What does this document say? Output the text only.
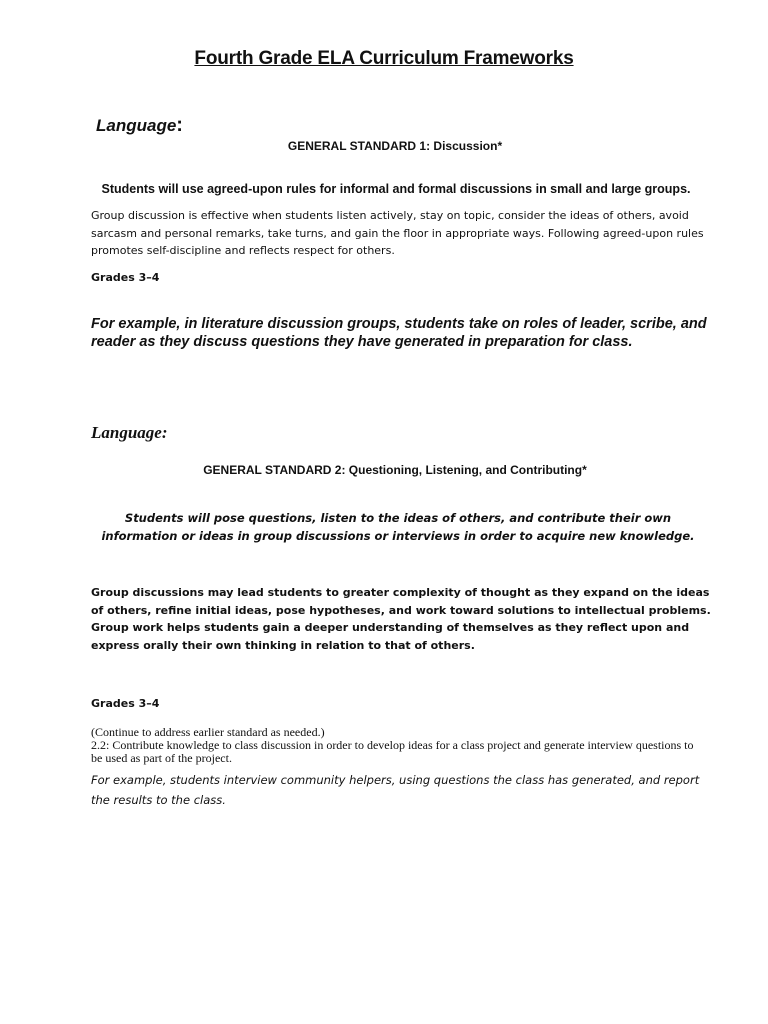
Fourth Grade ELA Curriculum Frameworks
Language:
GENERAL STANDARD 1: Discussion*
Students will use agreed-upon rules for informal and formal discussions in small and large groups.

Group discussion is effective when students listen actively, stay on topic, consider the ideas of others, avoid sarcasm and personal remarks, take turns, and gain the floor in appropriate ways. Following agreed-upon rules promotes self-discipline and reflects respect for others.

Grades 3–4

For example, in literature discussion groups, students take on roles of leader, scribe, and reader as they discuss questions they have generated in preparation for class.

Language:
GENERAL STANDARD 2: Questioning, Listening, and Contributing*

Students will pose questions, listen to the ideas of others, and contribute their own information or ideas in group discussions or interviews in order to acquire new knowledge.

Group discussions may lead students to greater complexity of thought as they expand on the ideas of others, refine initial ideas, pose hypotheses, and work toward solutions to intellectual problems. Group work helps students gain a deeper understanding of themselves as they reflect upon and express orally their own thinking in relation to that of others.

Grades 3–4
(Continue to address earlier standard as needed.)
2.2: Contribute knowledge to class discussion in order to develop ideas for a class project and generate interview questions to be used as part of the project.

For example, students interview community helpers, using questions the class has generated, and report the results to the class.
